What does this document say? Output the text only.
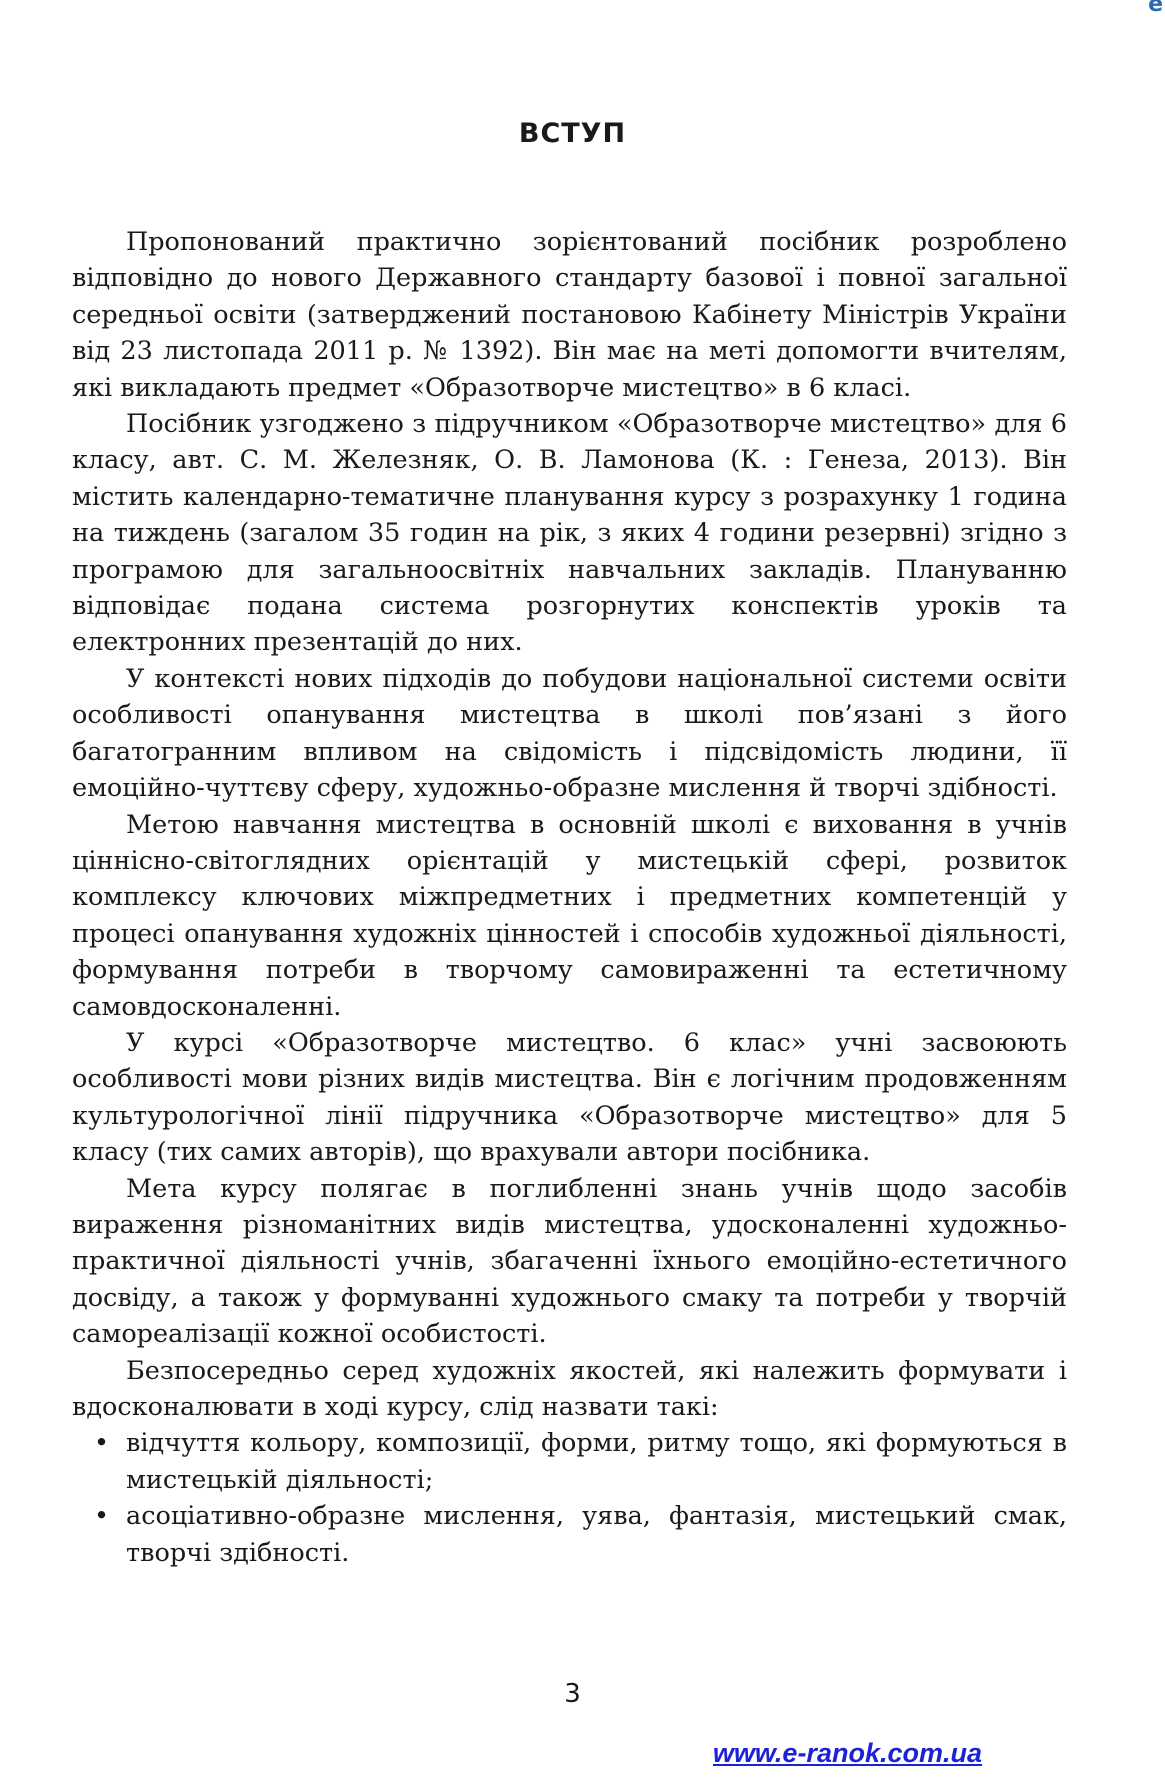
e
ВСТУП

Пропонований практично зорієнтований посібник розроблено відповідно до нового Державного стандарту базової і повної загальної середньої освіти (затверджений постановою Кабінету Міністрів України від 23 листопада 2011 р. № 1392). Він має на меті допомогти вчителям, які викладають предмет «Образотворче мистецтво» в 6 класі.

Посібник узгоджено з підручником «Образотворче мистецтво» для 6 класу, авт. С. М. Железняк, О. В. Ламонова (К. : Генеза, 2013). Він містить календарно-тематичне планування курсу з розрахунку 1 година на тиждень (загалом 35 годин на рік, з яких 4 години резервні) згідно з програмою для загальноосвітніх навчальних закладів. Плануванню відповідає подана система розгорнутих конспектів уроків та електронних презентацій до них.

У контексті нових підходів до побудови національної системи освіти особливості опанування мистецтва в школі пов’язані з його багатогранним впливом на свідомість і підсвідомість людини, її емоційно-чуттєву сферу, художньо-образне мислення й творчі здібності.

Метою навчання мистецтва в основній школі є виховання в учнів ціннісно-світоглядних орієнтацій у мистецькій сфері, розвиток комплексу ключових міжпредметних і предметних компетенцій у процесі опанування художніх цінностей і способів художньої діяльності, формування потреби в творчому самовираженні та естетичному самовдосконаленні.

У курсі «Образотворче мистецтво. 6 клас» учні засвоюють особливості мови різних видів мистецтва. Він є логічним продовженням культурологічної лінії підручника «Образотворче мистецтво» для 5 класу (тих самих авторів), що врахували автори посібника.

Мета курсу полягає в поглибленні знань учнів щодо засобів вираження різноманітних видів мистецтва, удосконаленні художньо-практичної діяльності учнів, збагаченні їхнього емоційно-естетичного досвіду, а також у формуванні художнього смаку та потреби у творчій самореалізації кожної особистості.

Безпосередньо серед художніх якостей, які належить формувати і вдосконалювати в ході курсу, слід назвати такі:

• відчуття кольору, композиції, форми, ритму тощо, які формуються в мистецькій діяльності;
• асоціативно-образне мислення, уява, фантазія, мистецький смак, творчі здібності.
3
www.e-ranok.com.ua
